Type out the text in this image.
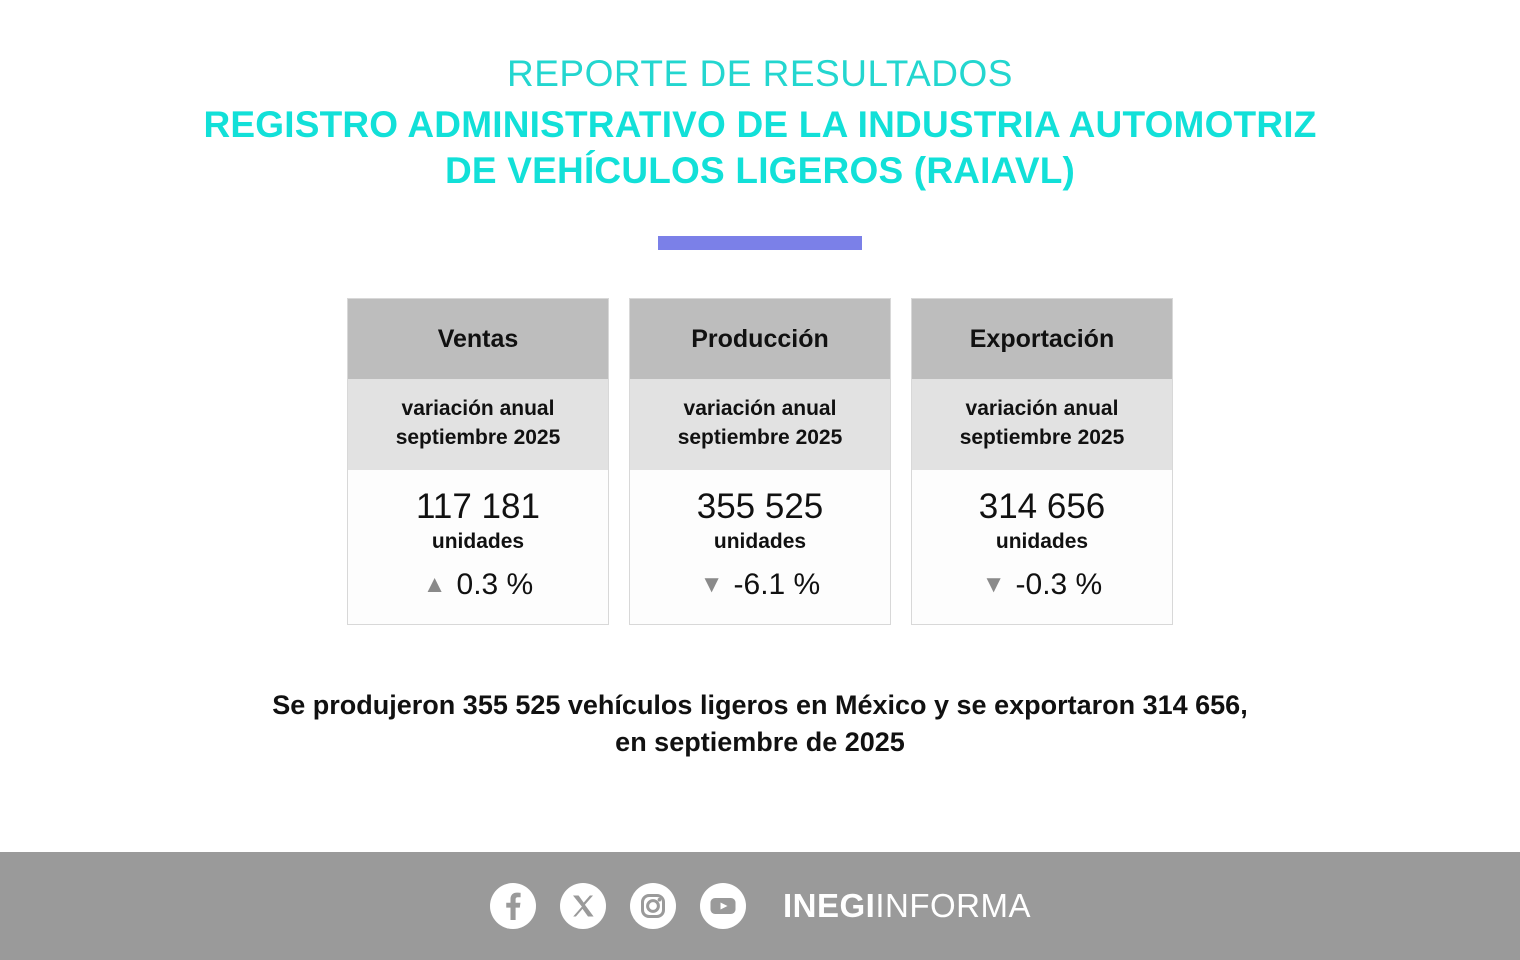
REPORTE DE RESULTADOS
REGISTRO ADMINISTRATIVO DE LA INDUSTRIA AUTOMOTRIZ
DE VEHÍCULOS LIGEROS (RAIAVL)
Ventas
variación anual
septiembre 2025
117 181
unidades
▲ 0.3 %
Producción
variación anual
septiembre 2025
355 525
unidades
▼ -6.1 %
Exportación
variación anual
septiembre 2025
314 656
unidades
▼ -0.3 %
Se produjeron 355 525 vehículos ligeros en México y se exportaron 314 656,
en septiembre de 2025
INEGIINFORMA
